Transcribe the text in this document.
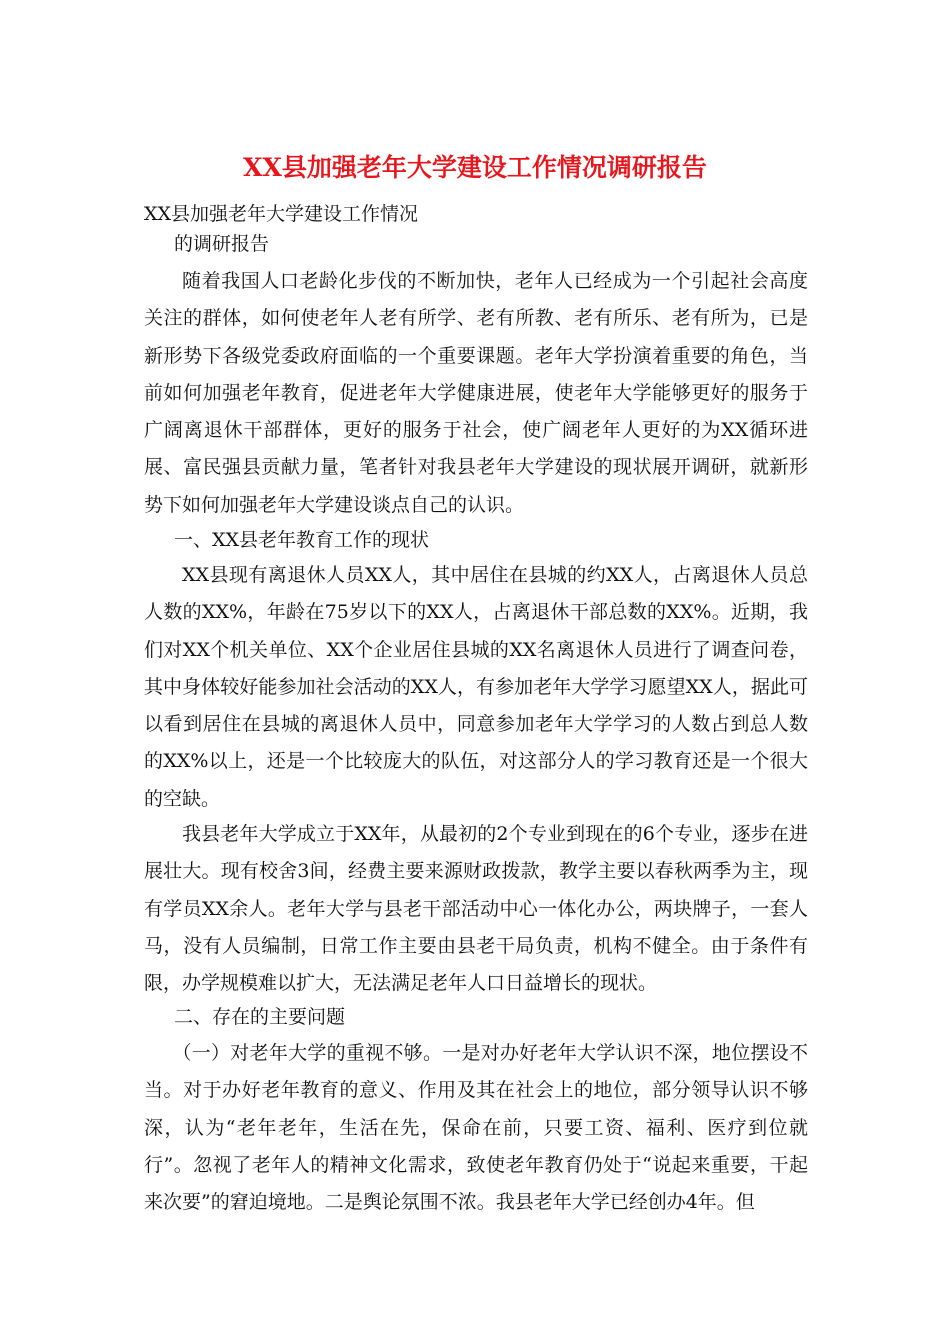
XX县加强老年大学建设工作情况调研报告

XX县加强老年大学建设工作情况

的调研报告

随着我国人口老龄化步伐的不断加快，老年人已经成为一个引起社会高度关注的群体，如何使老年人老有所学、老有所教、老有所乐、老有所为，已是新形势下各级党委政府面临的一个重要课题。老年大学扮演着重要的角色，当前如何加强老年教育，促进老年大学健康进展，使老年大学能够更好的服务于广阔离退休干部群体，更好的服务于社会，使广阔老年人更好的为XX循环进展、富民强县贡献力量，笔者针对我县老年大学建设的现状展开调研，就新形势下如何加强老年大学建设谈点自己的认识。

一、XX县老年教育工作的现状

XX县现有离退休人员XX人，其中居住在县城的约XX人，占离退休人员总人数的XX%，年龄在75岁以下的XX人，占离退休干部总数的XX%。近期，我们对XX个机关单位、XX个企业居住县城的XX名离退休人员进行了调查问卷，其中身体较好能参加社会活动的XX人，有参加老年大学学习愿望XX人，据此可以看到居住在县城的离退休人员中，同意参加老年大学学习的人数占到总人数的XX%以上，还是一个比较庞大的队伍，对这部分人的学习教育还是一个很大的空缺。

我县老年大学成立于XX年，从最初的2个专业到现在的6个专业，逐步在进展壮大。现有校舍3间，经费主要来源财政拨款，教学主要以春秋两季为主，现有学员XX余人。老年大学与县老干部活动中心一体化办公，两块牌子，一套人马，没有人员编制，日常工作主要由县老干局负责，机构不健全。由于条件有限，办学规模难以扩大，无法满足老年人口日益增长的现状。

二、存在的主要问题

（一）对老年大学的重视不够。一是对办好老年大学认识不深，地位摆设不当。对于办好老年教育的意义、作用及其在社会上的地位，部分领导认识不够深，认为“老年老年，生活在先，保命在前，只要工资、福利、医疗到位就行”。忽视了老年人的精神文化需求，致使老年教育仍处于“说起来重要，干起来次要”的窘迫境地。二是舆论氛围不浓。我县老年大学已经创办4年。但
